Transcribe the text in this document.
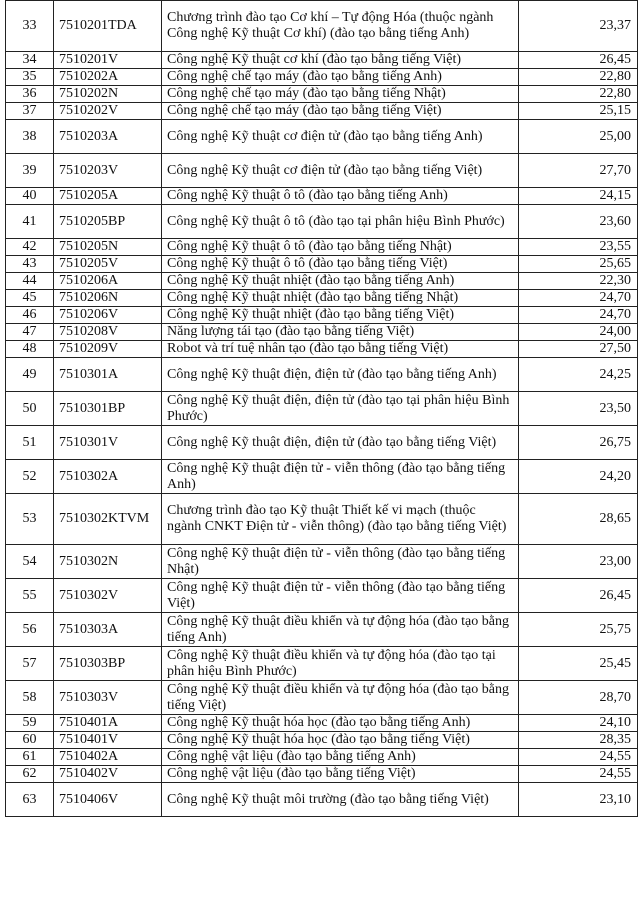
33	7510201TDA	Chương trình đào tạo Cơ khí – Tự động Hóa (thuộc ngành Công nghệ Kỹ thuật Cơ khí) (đào tạo bằng tiếng Anh)	23,37
34	7510201V	Công nghệ Kỹ thuật cơ khí (đào tạo bằng tiếng Việt)	26,45
35	7510202A	Công nghệ chế tạo máy (đào tạo bằng tiếng Anh)	22,80
36	7510202N	Công nghệ chế tạo máy (đào tạo bằng tiếng Nhật)	22,80
37	7510202V	Công nghệ chế tạo máy (đào tạo bằng tiếng Việt)	25,15
38	7510203A	Công nghệ Kỹ thuật cơ điện tử (đào tạo bằng tiếng Anh)	25,00
39	7510203V	Công nghệ Kỹ thuật cơ điện tử (đào tạo bằng tiếng Việt)	27,70
40	7510205A	Công nghệ Kỹ thuật ô tô (đào tạo bằng tiếng Anh)	24,15
41	7510205BP	Công nghệ Kỹ thuật ô tô (đào tạo tại phân hiệu Bình Phước)	23,60
42	7510205N	Công nghệ Kỹ thuật ô tô (đào tạo bằng tiếng Nhật)	23,55
43	7510205V	Công nghệ Kỹ thuật ô tô (đào tạo bằng tiếng Việt)	25,65
44	7510206A	Công nghệ Kỹ thuật nhiệt (đào tạo bằng tiếng Anh)	22,30
45	7510206N	Công nghệ Kỹ thuật nhiệt (đào tạo bằng tiếng Nhật)	24,70
46	7510206V	Công nghệ Kỹ thuật nhiệt (đào tạo bằng tiếng Việt)	24,70
47	7510208V	Năng lượng tái tạo (đào tạo bằng tiếng Việt)	24,00
48	7510209V	Robot và trí tuệ nhân tạo (đào tạo bằng tiếng Việt)	27,50
49	7510301A	Công nghệ Kỹ thuật điện, điện tử (đào tạo bằng tiếng Anh)	24,25
50	7510301BP	Công nghệ Kỹ thuật điện, điện tử (đào tạo tại phân hiệu Bình Phước)	23,50
51	7510301V	Công nghệ Kỹ thuật điện, điện tử (đào tạo bằng tiếng Việt)	26,75
52	7510302A	Công nghệ Kỹ thuật điện tử - viễn thông (đào tạo bằng tiếng Anh)	24,20
53	7510302KTVM	Chương trình đào tạo Kỹ thuật Thiết kế vi mạch (thuộc ngành CNKT Điện tử - viễn thông) (đào tạo bằng tiếng Việt)	28,65
54	7510302N	Công nghệ Kỹ thuật điện tử - viễn thông (đào tạo bằng tiếng Nhật)	23,00
55	7510302V	Công nghệ Kỹ thuật điện tử - viễn thông (đào tạo bằng tiếng Việt)	26,45
56	7510303A	Công nghệ Kỹ thuật điều khiển và tự động hóa (đào tạo bằng tiếng Anh)	25,75
57	7510303BP	Công nghệ Kỹ thuật điều khiển và tự động hóa (đào tạo tại phân hiệu Bình Phước)	25,45
58	7510303V	Công nghệ Kỹ thuật điều khiển và tự động hóa (đào tạo bằng tiếng Việt)	28,70
59	7510401A	Công nghệ Kỹ thuật hóa học (đào tạo bằng tiếng Anh)	24,10
60	7510401V	Công nghệ Kỹ thuật hóa học (đào tạo bằng tiếng Việt)	28,35
61	7510402A	Công nghệ vật liệu (đào tạo bằng tiếng Anh)	24,55
62	7510402V	Công nghệ vật liệu (đào tạo bằng tiếng Việt)	24,55
63	7510406V	Công nghệ Kỹ thuật môi trường (đào tạo bằng tiếng Việt)	23,10
